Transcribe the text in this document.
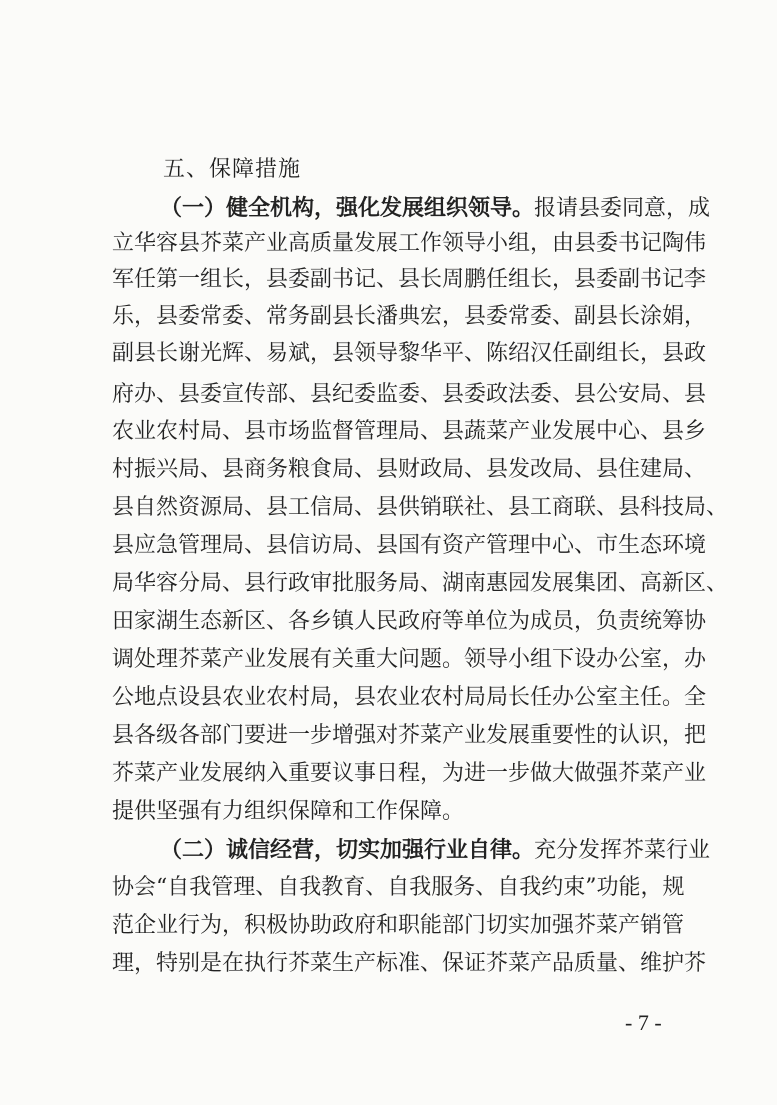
五、保障措施
（一）健全机构，强化发展组织领导。报请县委同意，成
立华容县芥菜产业高质量发展工作领导小组，由县委书记陶伟
军任第一组长，县委副书记、县长周鹏任组长，县委副书记李
乐，县委常委、常务副县长潘典宏，县委常委、副县长涂娟，
副县长谢光辉、易斌，县领导黎华平、陈绍汉任副组长，县政
府办、县委宣传部、县纪委监委、县委政法委、县公安局、县
农业农村局、县市场监督管理局、县蔬菜产业发展中心、县乡
村振兴局、县商务粮食局、县财政局、县发改局、县住建局、
县自然资源局、县工信局、县供销联社、县工商联、县科技局、
县应急管理局、县信访局、县国有资产管理中心、市生态环境
局华容分局、县行政审批服务局、湖南惠园发展集团、高新区、
田家湖生态新区、各乡镇人民政府等单位为成员，负责统筹协
调处理芥菜产业发展有关重大问题。领导小组下设办公室，办
公地点设县农业农村局，县农业农村局局长任办公室主任。全
县各级各部门要进一步增强对芥菜产业发展重要性的认识，把
芥菜产业发展纳入重要议事日程，为进一步做大做强芥菜产业
提供坚强有力组织保障和工作保障。
（二）诚信经营，切实加强行业自律。充分发挥芥菜行业
协会“自我管理、自我教育、自我服务、自我约束”功能，规
范企业行为，积极协助政府和职能部门切实加强芥菜产销管
理，特别是在执行芥菜生产标准、保证芥菜产品质量、维护芥
- 7 -
